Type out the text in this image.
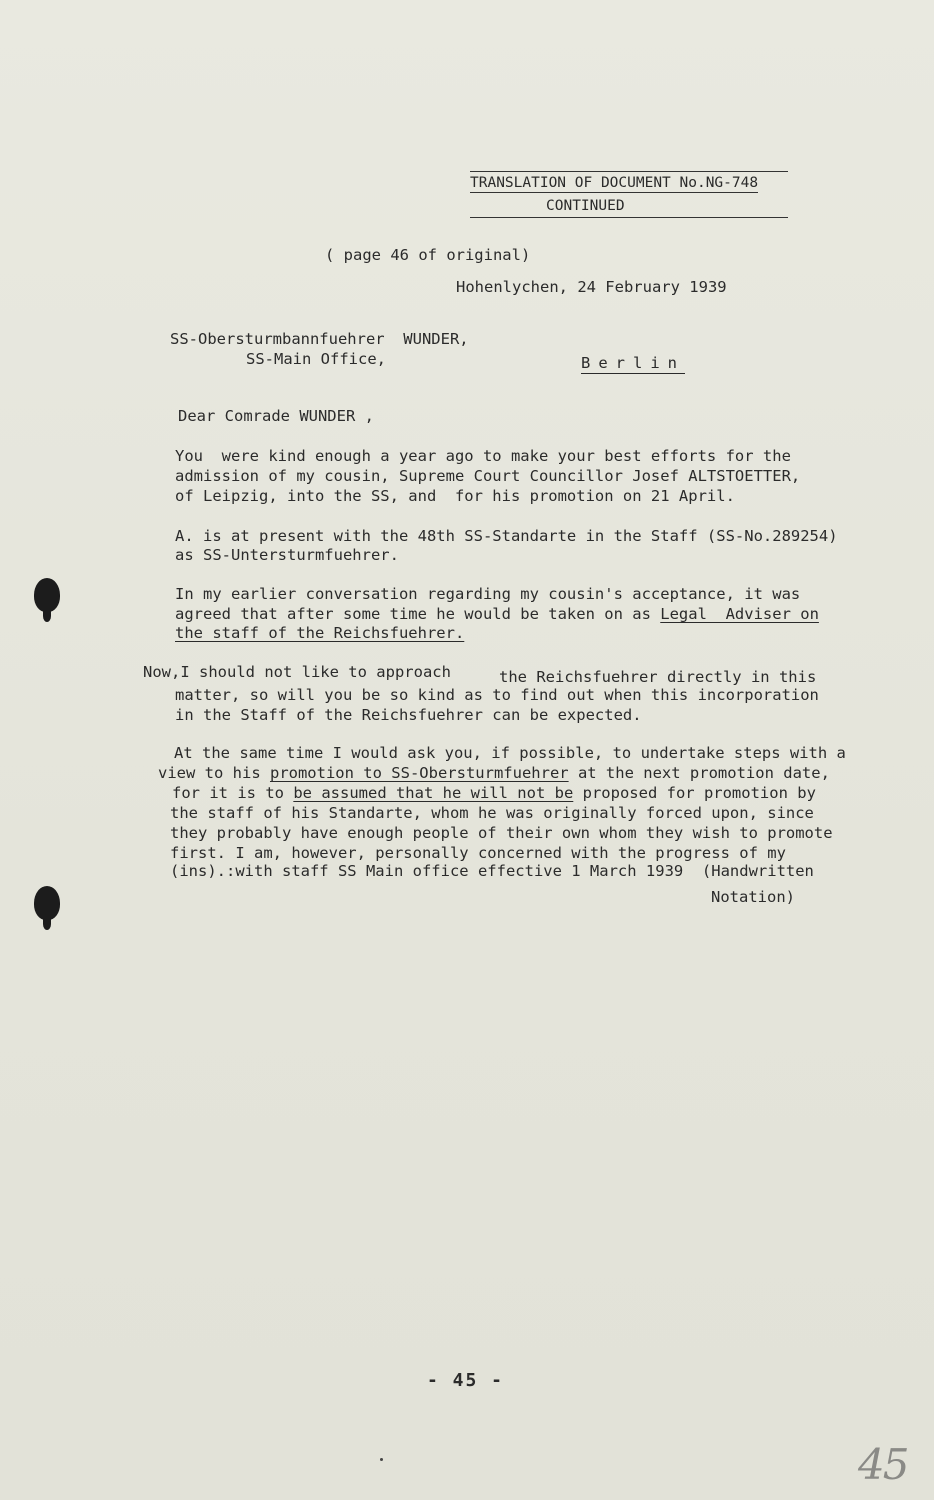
TRANSLATION OF DOCUMENT No.NG-748
CONTINUED
( page 46 of original)
Hohenlychen, 24 February 1939
SS-Obersturmbannfuehrer  WUNDER,
SS-Main Office,	Berlin
Dear Comrade WUNDER ,
You  were kind enough a year ago to make your best efforts for the
admission of my cousin, Supreme Court Councillor Josef ALTSTOETTER,
of Leipzig, into the SS, and  for his promotion on 21 April.
A. is at present with the 48th SS-Standarte in the Staff (SS-No.289254)
as SS-Untersturmfuehrer.
In my earlier conversation regarding my cousin's acceptance, it was
agreed that after some time he would be taken on as Legal  Adviser on
the staff of the Reichsfuehrer.
Now,I should not like to approach	the Reichsfuehrer directly in this
matter, so will you be so kind as to find out when this incorporation
in the Staff of the Reichsfuehrer can be expected.
At the same time I would ask you, if possible, to undertake steps with a
view to his promotion to SS-Obersturmfuehrer at the next promotion date,
for it is to be assumed that he will not be proposed for promotion by
the staff of his Standarte, whom he was originally forced upon, since
they probably have enough people of their own whom they wish to promote
first. I am, however, personally concerned with the progress of my
(ins).:with staff SS Main office effective 1 March 1939  (Handwritten
Notation)
- 45 -
45
